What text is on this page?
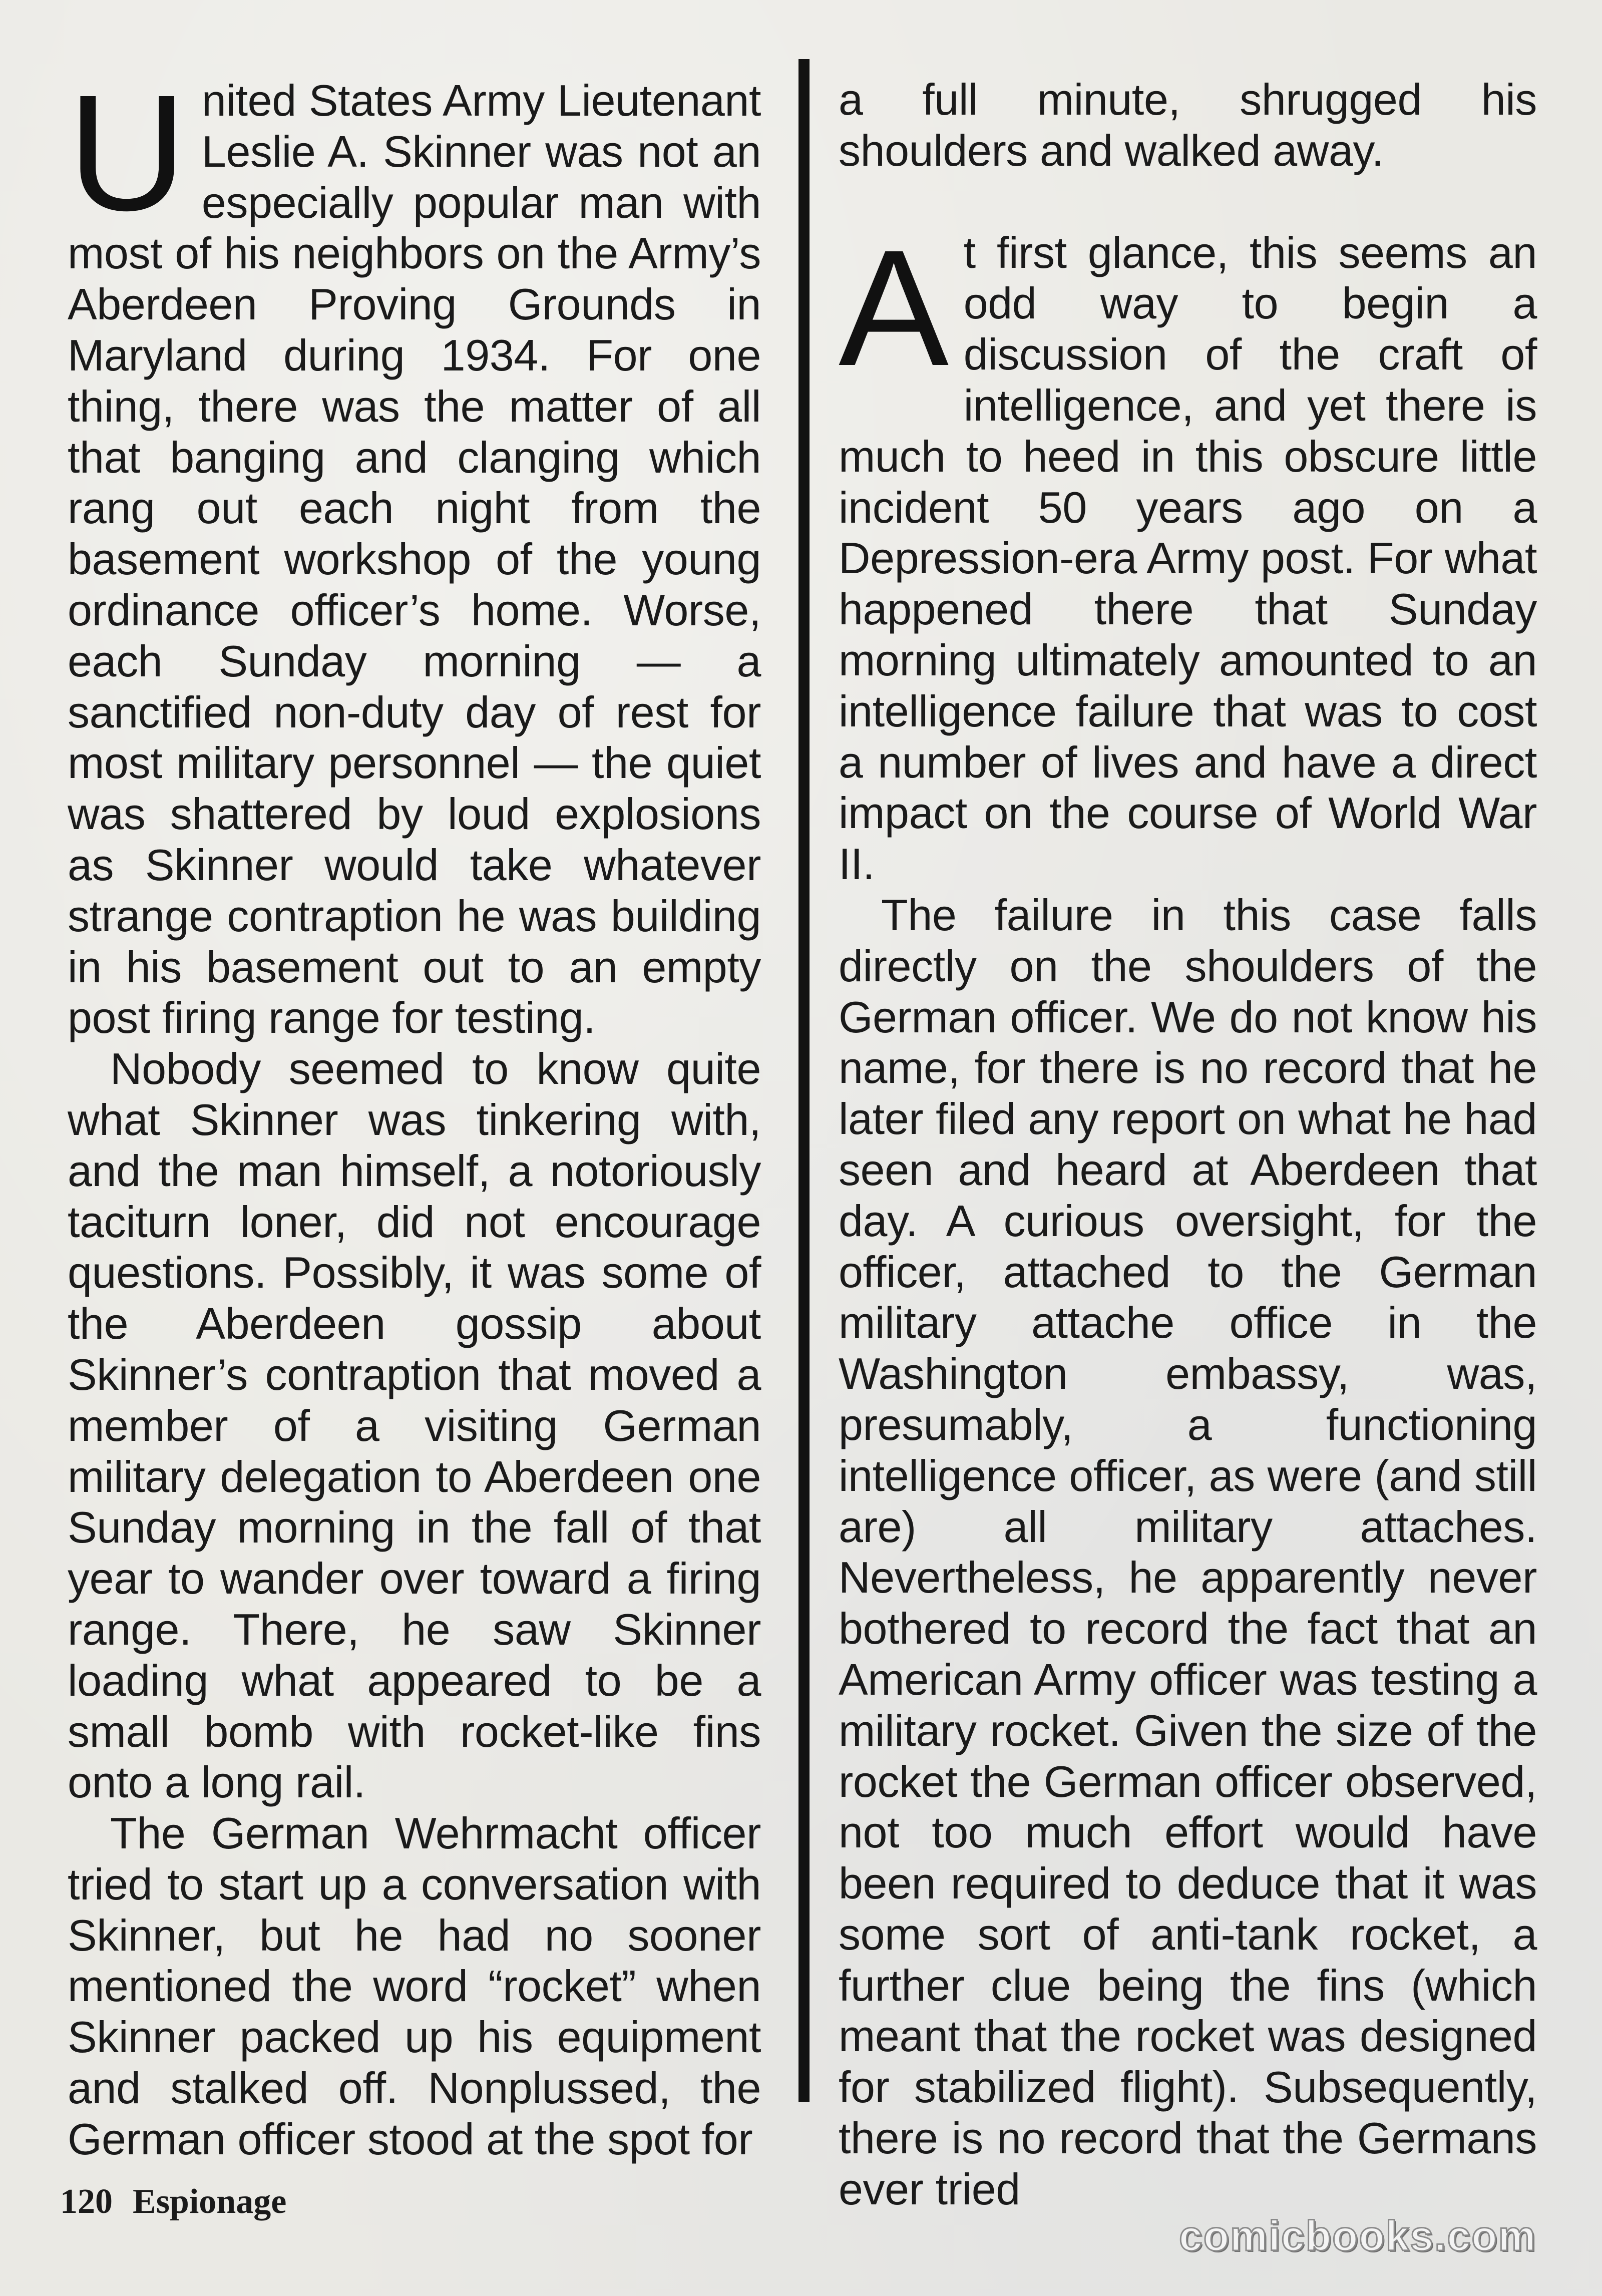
United States Army Lieutenant Leslie A. Skinner was not an especially popular man with most of his neighbors on the Army’s Aberdeen Proving Grounds in Maryland during 1934. For one thing, there was the matter of all that banging and clanging which rang out each night from the basement workshop of the young ordinance officer’s home. Worse, each Sunday morning — a sanctified non-duty day of rest for most military personnel — the quiet was shattered by loud explosions as Skinner would take whatever strange contraption he was building in his basement out to an empty post firing range for testing.

Nobody seemed to know quite what Skinner was tinkering with, and the man himself, a notoriously taciturn loner, did not encourage questions. Possibly, it was some of the Aberdeen gossip about Skinner’s contraption that moved a member of a visiting German military delegation to Aberdeen one Sunday morning in the fall of that year to wander over toward a firing range. There, he saw Skinner loading what appeared to be a small bomb with rocket-like fins onto a long rail.

The German Wehrmacht officer tried to start up a conversation with Skinner, but he had no sooner mentioned the word “rocket” when Skinner packed up his equipment and stalked off. Nonplussed, the German officer stood at the spot for

a full minute, shrugged his shoulders and walked away.

At first glance, this seems an odd way to begin a discussion of the craft of intelligence, and yet there is much to heed in this obscure little incident 50 years ago on a Depression-era Army post. For what happened there that Sunday morning ultimately amounted to an intelligence failure that was to cost a number of lives and have a direct impact on the course of World War II.

The failure in this case falls directly on the shoulders of the German officer. We do not know his name, for there is no record that he later filed any report on what he had seen and heard at Aberdeen that day. A curious oversight, for the officer, attached to the German military attache office in the Washington embassy, was, presumably, a functioning intelligence officer, as were (and still are) all military attaches. Nevertheless, he apparently never bothered to record the fact that an American Army officer was testing a military rocket. Given the size of the rocket the German officer observed, not too much effort would have been required to deduce that it was some sort of anti-tank rocket, a further clue being the fins (which meant that the rocket was designed for stabilized flight). Subsequently, there is no record that the Germans ever tried

120 Espionage
comicbooks.com
